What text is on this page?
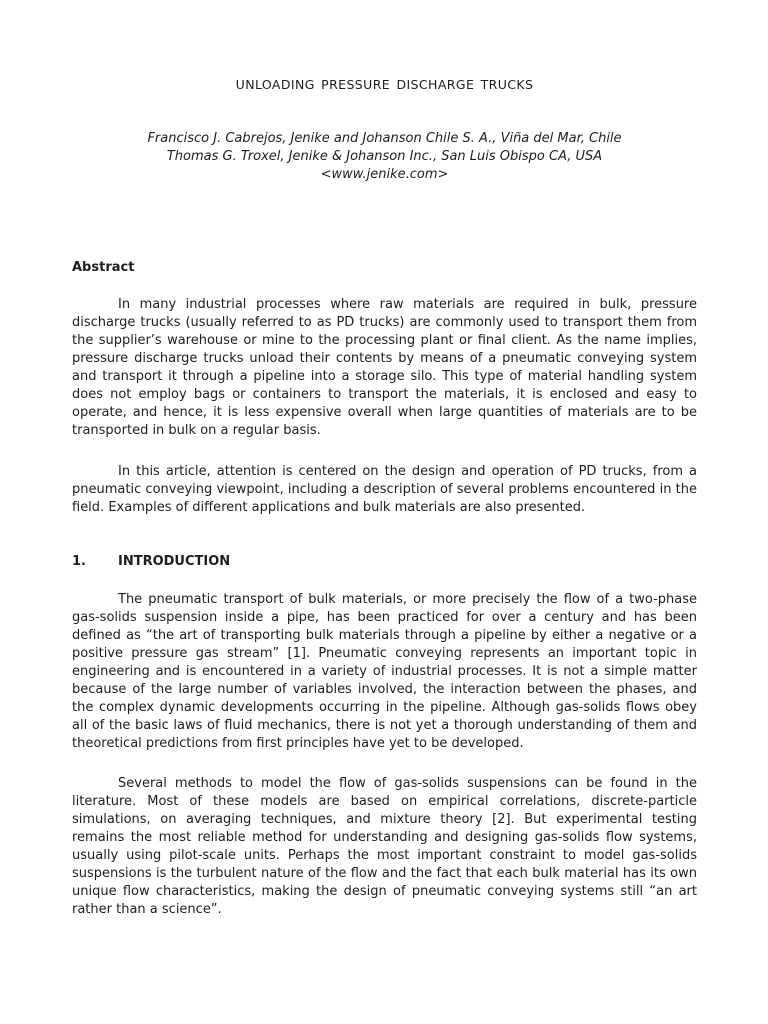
UNLOADING PRESSURE DISCHARGE TRUCKS
Francisco J. Cabrejos, Jenike and Johanson Chile S. A., Viña del Mar, Chile
Thomas G. Troxel, Jenike & Johanson Inc., San Luis Obispo CA, USA
<www.jenike.com>
Abstract

In many industrial processes where raw materials are required in bulk, pressure discharge trucks (usually referred to as PD trucks) are commonly used to transport them from the supplier’s warehouse or mine to the processing plant or final client. As the name implies, pressure discharge trucks unload their contents by means of a pneumatic conveying system and transport it through a pipeline into a storage silo. This type of material handling system does not employ bags or containers to transport the materials, it is enclosed and easy to operate, and hence, it is less expensive overall when large quantities of materials are to be transported in bulk on a regular basis.

In this article, attention is centered on the design and operation of PD trucks, from a pneumatic conveying viewpoint, including a description of several problems encountered in the field. Examples of different applications and bulk materials are also presented.

1. INTRODUCTION

The pneumatic transport of bulk materials, or more precisely the flow of a two-phase gas-solids suspension inside a pipe, has been practiced for over a century and has been defined as “the art of transporting bulk materials through a pipeline by either a negative or a positive pressure gas stream” [1]. Pneumatic conveying represents an important topic in engineering and is encountered in a variety of industrial processes. It is not a simple matter because of the large number of variables involved, the interaction between the phases, and the complex dynamic developments occurring in the pipeline. Although gas-solids flows obey all of the basic laws of fluid mechanics, there is not yet a thorough understanding of them and theoretical predictions from first principles have yet to be developed.

Several methods to model the flow of gas-solids suspensions can be found in the literature. Most of these models are based on empirical correlations, discrete-particle simulations, on averaging techniques, and mixture theory [2]. But experimental testing remains the most reliable method for understanding and designing gas-solids flow systems, usually using pilot-scale units. Perhaps the most important constraint to model gas-solids suspensions is the turbulent nature of the flow and the fact that each bulk material has its own unique flow characteristics, making the design of pneumatic conveying systems still “an art rather than a science”.
